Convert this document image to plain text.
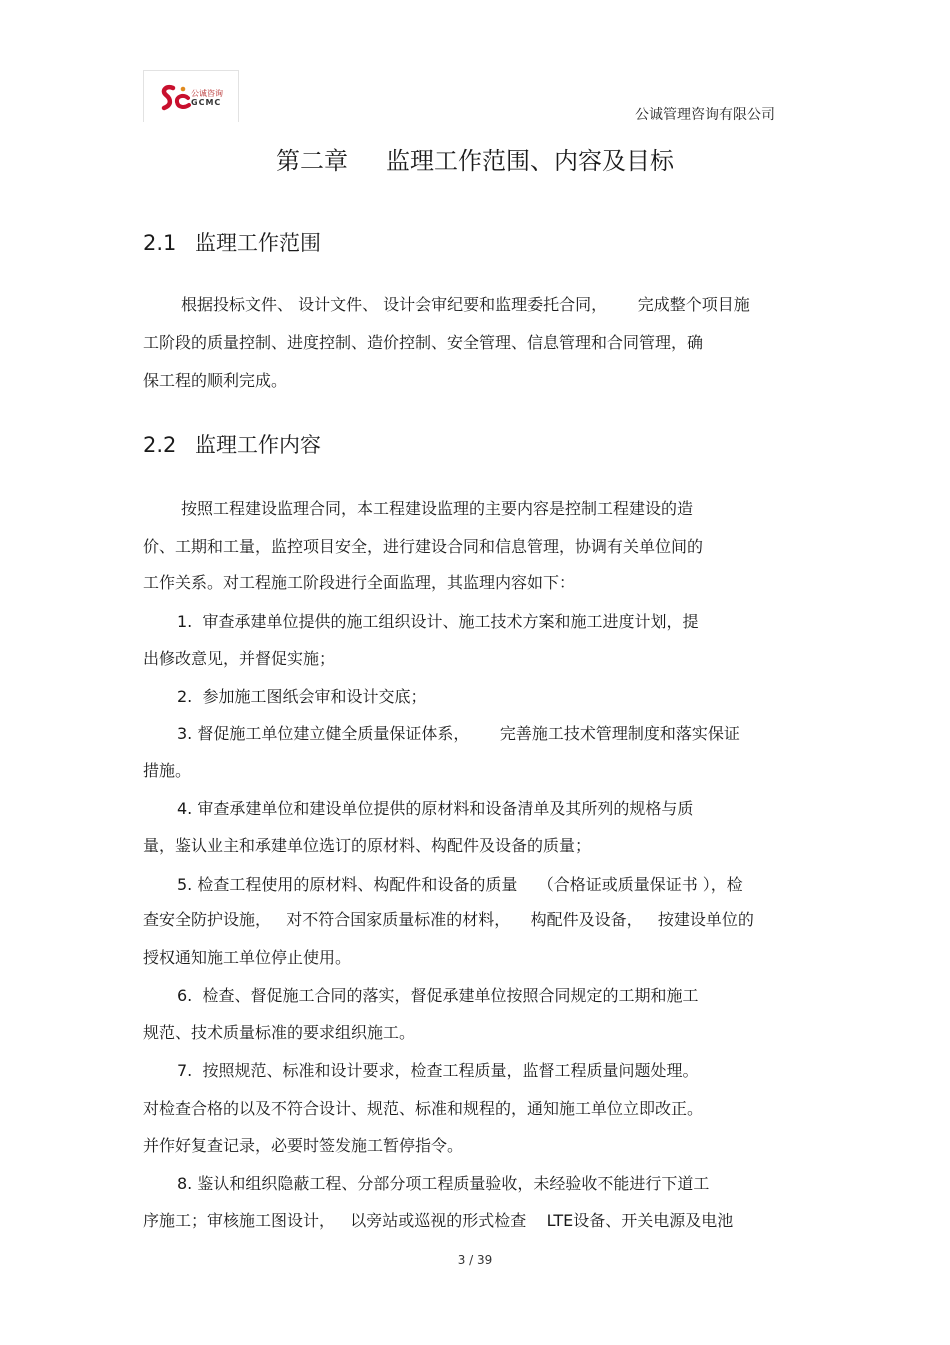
公诚咨询
GCMC
公诚管理咨询有限公司
第二章 监理工作范围、内容及目标
2.1 监理工作范围
根据投标文件、 设计文件、 设计会审纪要和监理委托合同，      完成整个项目施
工阶段的质量控制、进度控制、造价控制、安全管理、信息管理和合同管理，确
保工程的顺利完成。
2.2 监理工作内容
按照工程建设监理合同，本工程建设监理的主要内容是控制工程建设的造
价、工期和工量，监控项目安全，进行建设合同和信息管理，协调有关单位间的
工作关系。对工程施工阶段进行全面监理，其监理内容如下：
1.  审查承建单位提供的施工组织设计、施工技术方案和施工进度计划，提
出修改意见，并督促实施；
2.  参加施工图纸会审和设计交底；
3. 督促施工单位建立健全质量保证体系，      完善施工技术管理制度和落实保证
措施。
4. 审查承建单位和建设单位提供的原材料和设备清单及其所列的规格与质
量，鉴认业主和承建单位选订的原材料、构配件及设备的质量；
5. 检查工程使用的原材料、构配件和设备的质量    （合格证或质量保证书 ），检
查安全防护设施，   对不符合国家质量标准的材料，    构配件及设备，   按建设单位的
授权通知施工单位停止使用。
6.  检查、督促施工合同的落实，督促承建单位按照合同规定的工期和施工
规范、技术质量标准的要求组织施工。
7.  按照规范、标准和设计要求，检查工程质量，监督工程质量问题处理。
对检查合格的以及不符合设计、规范、标准和规程的，通知施工单位立即改正。
并作好复查记录，必要时签发施工暂停指令。
8. 鉴认和组织隐蔽工程、分部分项工程质量验收，未经验收不能进行下道工
序施工；审核施工图设计，   以旁站或巡视的形式检查    LTE设备、开关电源及电池
3 / 39
